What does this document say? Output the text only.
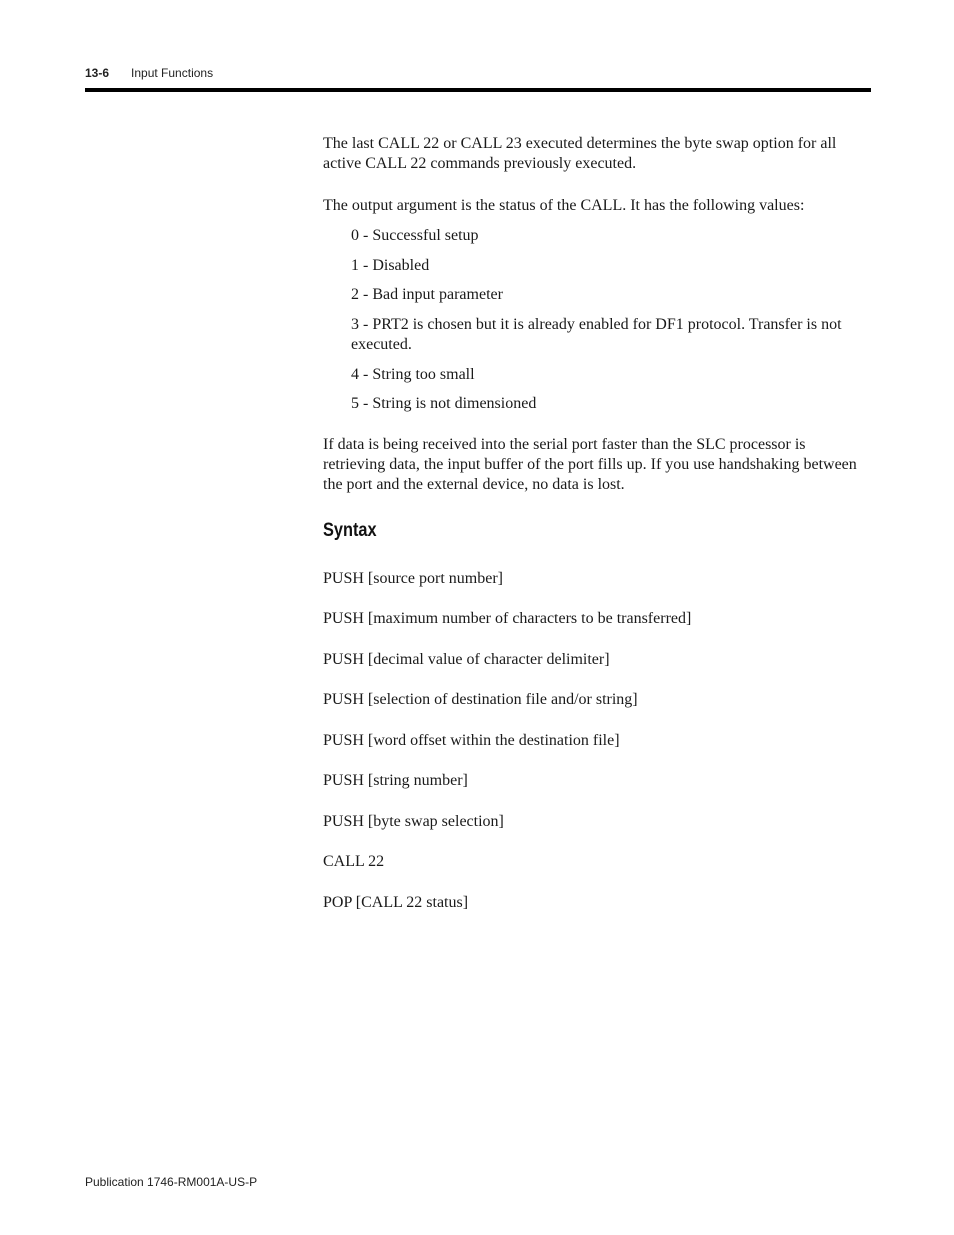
13-6 Input Functions

The last CALL 22 or CALL 23 executed determines the byte swap option for all active CALL 22 commands previously executed.

The output argument is the status of the CALL. It has the following values:

0 - Successful setup
1 - Disabled
2 - Bad input parameter
3 - PRT2 is chosen but it is already enabled for DF1 protocol. Transfer is not executed.
4 - String too small
5 - String is not dimensioned

If data is being received into the serial port faster than the SLC processor is retrieving data, the input buffer of the port fills up. If you use handshaking between the port and the external device, no data is lost.

Syntax
PUSH [source port number]
PUSH [maximum number of characters to be transferred]
PUSH [decimal value of character delimiter]
PUSH [selection of destination file and/or string]
PUSH [word offset within the destination file]
PUSH [string number]
PUSH [byte swap selection]
CALL 22
POP [CALL 22 status]
Publication 1746-RM001A-US-P
